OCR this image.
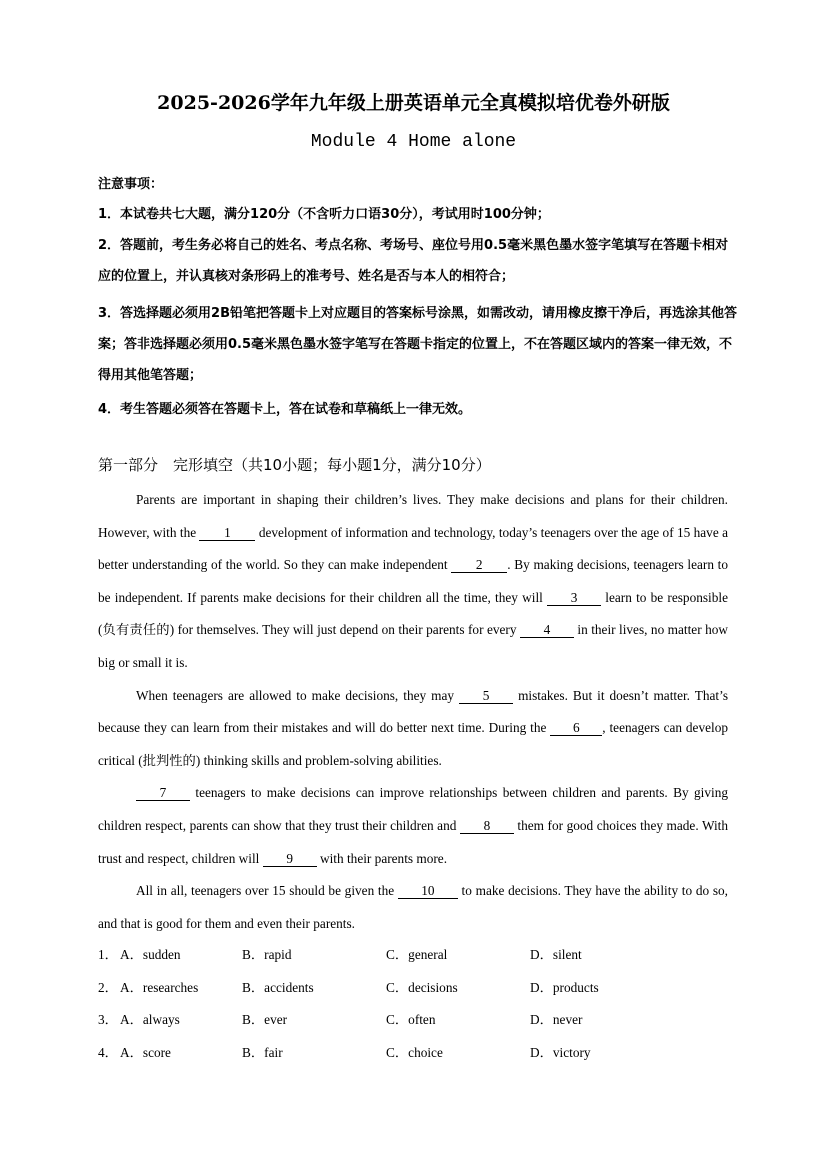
2025-2026学年九年级上册英语单元全真模拟培优卷外研版
Module 4 Home alone
注意事项：
1．本试卷共七大题，满分120分（不含听力口语30分），考试用时100分钟；
2．答题前，考生务必将自己的姓名、考点名称、考场号、座位号用0.5毫米黑色墨水签字笔填写在答题卡相对应的位置上，并认真核对条形码上的准考号、姓名是否与本人的相符合；
3．答选择题必须用2B铅笔把答题卡上对应题目的答案标号涂黑，如需改动，请用橡皮擦干净后，再选涂其他答案；答非选择题必须用0.5毫米黑色墨水签字笔写在答题卡指定的位置上，不在答题区域内的答案一律无效，不得用其他笔答题；
4．考生答题必须答在答题卡上，答在试卷和草稿纸上一律无效。
第一部分　完形填空（共10小题；每小题1分，满分10分）

Parents are important in shaping their children’s lives. They make decisions and plans for their children. However, with the 1 development of information and technology, today’s teenagers over the age of 15 have a better understanding of the world. So they can make independent 2 . By making decisions, teenagers learn to be independent. If parents make decisions for their children all the time, they will 3 learn to be responsible (负有责任的) for themselves. They will just depend on their parents for every 4 in their lives, no matter how big or small it is.

When teenagers are allowed to make decisions, they may 5 mistakes. But it doesn’t matter. That’s because they can learn from their mistakes and will do better next time. During the 6 , teenagers can develop critical (批判性的) thinking skills and problem-solving abilities.

7 teenagers to make decisions can improve relationships between children and parents. By giving children respect, parents can show that they trust their children and 8 them for good choices they made. With trust and respect, children will 9 with their parents more.

All in all, teenagers over 15 should be given the 10 to make decisions. They have the ability to do so, and that is good for them and even their parents.

1． A．sudden	B．rapid	C．general	D．silent
2． A．researches	B．accidents	C．decisions	D．products
3． A．always	B．ever	C．often	D．never
4． A．score	B．fair	C．choice	D．victory
